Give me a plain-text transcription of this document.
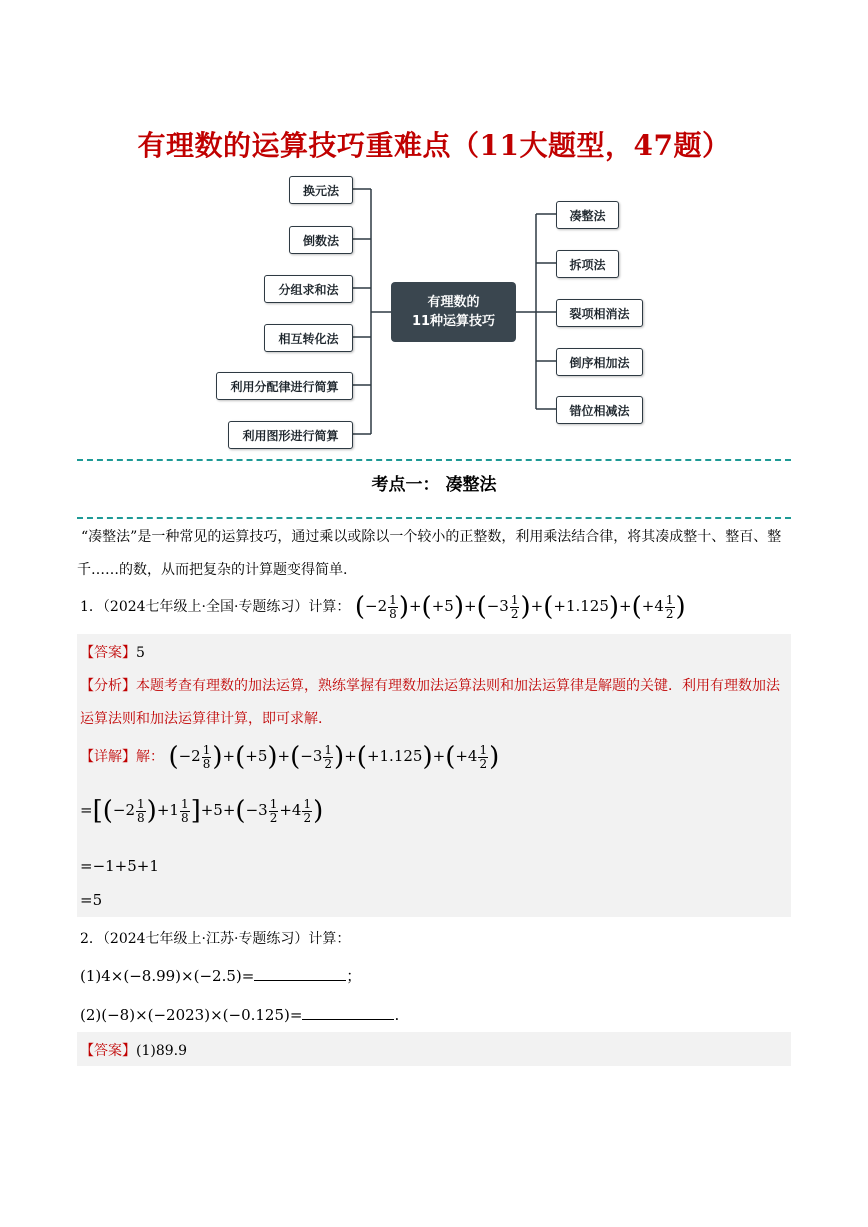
有理数的运算技巧重难点（11大题型，47题）
换元法
倒数法
分组求和法
相互转化法
利用分配律进行简算
利用图形进行简算
有理数的
11种运算技巧
凑整法
拆项法
裂项相消法
倒序相加法
错位相减法
考点一： 凑整法
“凑整法”是一种常见的运算技巧，通过乘以或除以一个较小的正整数，利用乘法结合律，将其凑成整十、整百、整千……的数，从而把复杂的计算题变得简单.
1．（2024七年级上·全国·专题练习）计算： $(-2 \frac{1}{8} )+(+5)+(-3 \frac{1}{2} )+(+1.125)+(+4 \frac{1}{2}$ )
【答案】5
【分析】本题考查有理数的加法运算，熟练掌握有理数加法运算法则和加法运算律是解题的关键．利用有理数加法运算法则和加法运算律计算，即可求解.
【详解】解： $(-2 \frac{1}{8} )+(+5)+(-3 \frac{1}{2} )+(+1.125)+(+4 \frac{1}{2}$ )
$=[(-2 \frac{1}{8} )+1 \frac{1}{8} ]+5+(-3 \frac{1}{2} +4 \frac{1}{2}$ )
=−1+5+1
=5
2．（2024七年级上·江苏·专题练习）计算：
(1)4×(−8.99)×(−2.5)=	；
(2)(−8)×(−2023)×(−0.125)=	.
【答案】(1)89.9
